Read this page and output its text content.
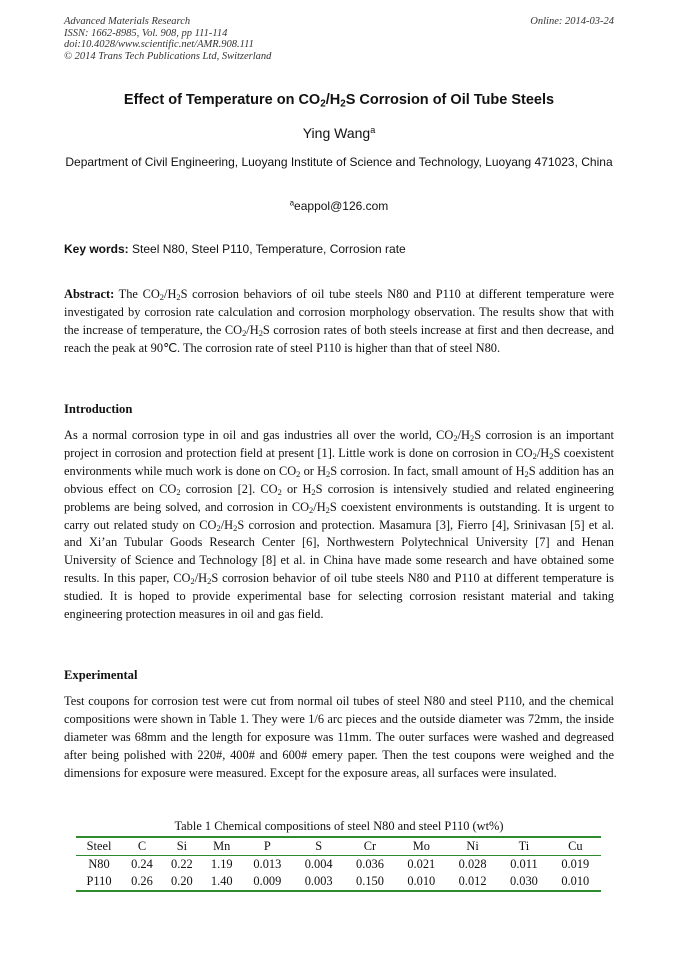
Advanced Materials Research
ISSN: 1662-8985, Vol. 908, pp 111-114
doi:10.4028/www.scientific.net/AMR.908.111
© 2014 Trans Tech Publications Ltd, Switzerland
Online: 2014-03-24
Effect of Temperature on $CO_2/H_2S$ Corrosion of Oil Tube Steels
Ying Wang$^a$
Department of Civil Engineering, Luoyang Institute of Science and Technology, Luoyang 471023, China
$^a$eappol@126.com
Key words: Steel N80, Steel P110, Temperature, Corrosion rate
Abstract: The $CO_2/H_2S$ corrosion behaviors of oil tube steels N80 and P110 at different temperature were investigated by corrosion rate calculation and corrosion morphology observation. The results show that with the increase of temperature, the $CO_2/H_2S$ corrosion rates of both steels increase at first and then decrease, and reach the peak at 90℃. The corrosion rate of steel P110 is higher than that of steel N80.
Introduction
As a normal corrosion type in oil and gas industries all over the world, $CO_2/H_2S$ corrosion is an important project in corrosion and protection field at present [1]. Little work is done on corrosion in $CO_2/H_2S$ coexistent environments while much work is done on $CO_2$ or $H_2S$ corrosion. In fact, small amount of $H_2S$ addition has an obvious effect on $CO_2$ corrosion [2]. $CO_2$ or $H_2S$ corrosion is intensively studied and related engineering problems are being solved, and corrosion in $CO_2/H_2S$ coexistent environments is outstanding. It is urgent to carry out related study on $CO_2/H_2S$ corrosion and protection. Masamura [3], Fierro [4], Srinivasan [5] et al. and Xi’an Tubular Goods Research Center [6], Northwestern Polytechnical University [7] and Henan University of Science and Technology [8] et al. in China have made some research and have obtained some results. In this paper, $CO_2/H_2S$ corrosion behavior of oil tube steels N80 and P110 at different temperature is studied. It is hoped to provide experimental base for selecting corrosion resistant material and taking engineering protection measures in oil and gas field.
Experimental
Test coupons for corrosion test were cut from normal oil tubes of steel N80 and steel P110, and the chemical compositions were shown in Table 1. They were 1/6 arc pieces and the outside diameter was 72mm, the inside diameter was 68mm and the length for exposure was 11mm. The outer surfaces were washed and degreased after being polished with 220#, 400# and 600# emery paper. Then the test coupons were weighed and the dimensions for exposure were measured. Except for the exposure areas, all surfaces were insulated.
Table 1 Chemical compositions of steel N80 and steel P110 (wt%)
Steel	C	Si	Mn	P	S	Cr	Mo	Ni	Ti	Cu
N80	0.24	0.22	1.19	0.013	0.004	0.036	0.021	0.028	0.011	0.019
P110	0.26	0.20	1.40	0.009	0.003	0.150	0.010	0.012	0.030	0.010
